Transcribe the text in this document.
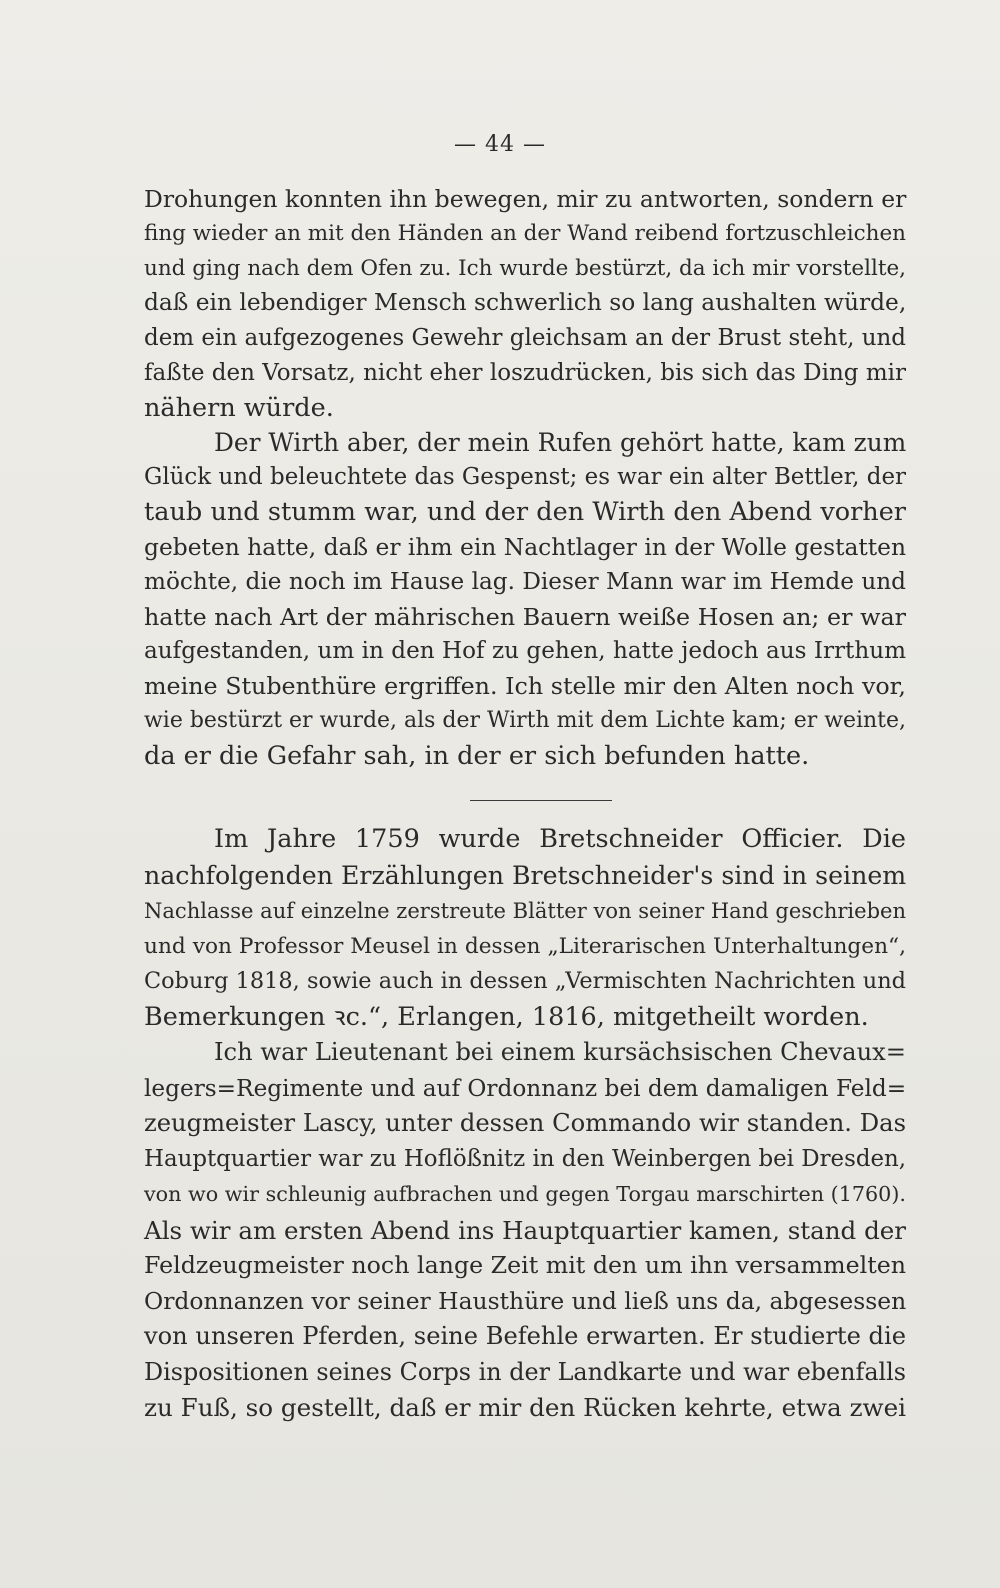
— 44 —
Drohungen konnten ihn bewegen, mir zu antworten, sondern er
fing wieder an mit den Händen an der Wand reibend fortzuschleichen
und ging nach dem Ofen zu. Ich wurde bestürzt, da ich mir vorstellte,
daß ein lebendiger Mensch schwerlich so lang aushalten würde,
dem ein aufgezogenes Gewehr gleichsam an der Brust steht, und
faßte den Vorsatz, nicht eher loszudrücken, bis sich das Ding mir
nähern würde.
Der Wirth aber, der mein Rufen gehört hatte, kam zum
Glück und beleuchtete das Gespenst; es war ein alter Bettler, der
taub und stumm war, und der den Wirth den Abend vorher
gebeten hatte, daß er ihm ein Nachtlager in der Wolle gestatten
möchte, die noch im Hause lag. Dieser Mann war im Hemde und
hatte nach Art der mährischen Bauern weiße Hosen an; er war
aufgestanden, um in den Hof zu gehen, hatte jedoch aus Irrthum
meine Stubenthüre ergriffen. Ich stelle mir den Alten noch vor,
wie bestürzt er wurde, als der Wirth mit dem Lichte kam; er weinte,
da er die Gefahr sah, in der er sich befunden hatte.
Im Jahre 1759 wurde Bretschneider Officier. Die
nachfolgenden Erzählungen Bretschneider's sind in seinem
Nachlasse auf einzelne zerstreute Blätter von seiner Hand geschrieben
und von Professor Meusel in dessen „Literarischen Unterhaltungen“,
Coburg 1818, sowie auch in dessen „Vermischten Nachrichten und
Bemerkungen ꝛc.“, Erlangen, 1816, mitgetheilt worden.
Ich war Lieutenant bei einem kursächsischen Chevaux=
legers=Regimente und auf Ordonnanz bei dem damaligen Feld=
zeugmeister Lascy, unter dessen Commando wir standen. Das
Hauptquartier war zu Hoflößnitz in den Weinbergen bei Dresden,
von wo wir schleunig aufbrachen und gegen Torgau marschirten (1760).
Als wir am ersten Abend ins Hauptquartier kamen, stand der
Feldzeugmeister noch lange Zeit mit den um ihn versammelten
Ordonnanzen vor seiner Hausthüre und ließ uns da, abgesessen
von unseren Pferden, seine Befehle erwarten. Er studierte die
Dispositionen seines Corps in der Landkarte und war ebenfalls
zu Fuß, so gestellt, daß er mir den Rücken kehrte, etwa zwei
